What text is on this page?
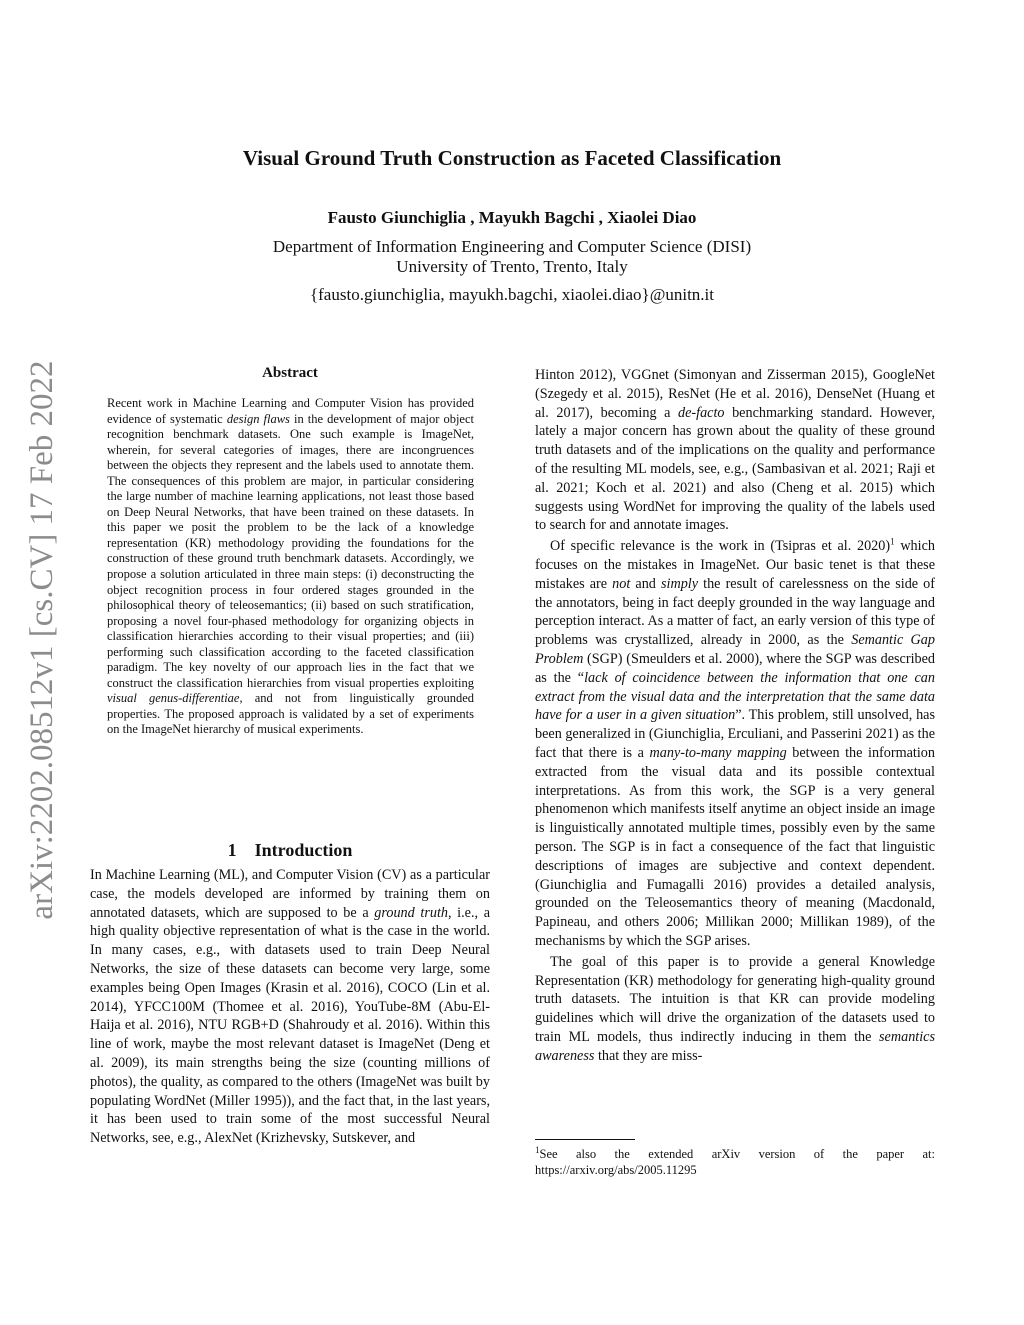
Visual Ground Truth Construction as Faceted Classification
Fausto Giunchiglia , Mayukh Bagchi , Xiaolei Diao
Department of Information Engineering and Computer Science (DISI)
University of Trento, Trento, Italy
{fausto.giunchiglia, mayukh.bagchi, xiaolei.diao}@unitn.it
arXiv:2202.08512v1 [cs.CV] 17 Feb 2022	Abstract
Recent work in Machine Learning and Computer Vision has provided evidence of systematic design flaws in the development of major object recognition benchmark datasets. One such example is ImageNet, wherein, for several categories of images, there are incongruences between the objects they represent and the labels used to annotate them. The consequences of this problem are major, in particular considering the large number of machine learning applications, not least those based on Deep Neural Networks, that have been trained on these datasets. In this paper we posit the problem to be the lack of a knowledge representation (KR) methodology providing the foundations for the construction of these ground truth benchmark datasets. Accordingly, we propose a solution articulated in three main steps: (i) deconstructing the object recognition process in four ordered stages grounded in the philosophical theory of teleosemantics; (ii) based on such stratification, proposing a novel four-phased methodology for organizing objects in classification hierarchies according to their visual properties; and (iii) performing such classification according to the faceted classification paradigm. The key novelty of our approach lies in the fact that we construct the classification hierarchies from visual properties exploiting visual genus-differentiae, and not from linguistically grounded properties. The proposed approach is validated by a set of experiments on the ImageNet hierarchy of musical experiments.
1 Introduction
In Machine Learning (ML), and Computer Vision (CV) as a particular case, the models developed are informed by training them on annotated datasets, which are supposed to be a ground truth, i.e., a high quality objective representation of what is the case in the world. In many cases, e.g., with datasets used to train Deep Neural Networks, the size of these datasets can become very large, some examples being Open Images (Krasin et al. 2016), COCO (Lin et al. 2014), YFCC100M (Thomee et al. 2016), YouTube-8M (Abu-El-Haija et al. 2016), NTU RGB+D (Shahroudy et al. 2016). Within this line of work, maybe the most relevant dataset is ImageNet (Deng et al. 2009), its main strengths being the size (counting millions of photos), the quality, as compared to the others (ImageNet was built by populating WordNet (Miller 1995)), and the fact that, in the last years, it has been used to train some of the most successful Neural Networks, see, e.g., AlexNet (Krizhevsky, Sutskever, and

Hinton 2012), VGGnet (Simonyan and Zisserman 2015), GoogleNet (Szegedy et al. 2015), ResNet (He et al. 2016), DenseNet (Huang et al. 2017), becoming a de-facto benchmarking standard. However, lately a major concern has grown about the quality of these ground truth datasets and of the implications on the quality and performance of the resulting ML models, see, e.g., (Sambasivan et al. 2021; Raji et al. 2021; Koch et al. 2021) and also (Cheng et al. 2015) which suggests using WordNet for improving the quality of the labels used to search for and annotate images.

Of specific relevance is the work in (Tsipras et al. 2020)$^1$ which focuses on the mistakes in ImageNet. Our basic tenet is that these mistakes are not and simply the result of carelessness on the side of the annotators, being in fact deeply grounded in the way language and perception interact. As a matter of fact, an early version of this type of problems was crystallized, already in 2000, as the Semantic Gap Problem (SGP) (Smeulders et al. 2000), where the SGP was described as the “lack of coincidence between the information that one can extract from the visual data and the interpretation that the same data have for a user in a given situation”. This problem, still unsolved, has been generalized in (Giunchiglia, Erculiani, and Passerini 2021) as the fact that there is a many-to-many mapping between the information extracted from the visual data and its possible contextual interpretations. As from this work, the SGP is a very general phenomenon which manifests itself anytime an object inside an image is linguistically annotated multiple times, possibly even by the same person. The SGP is in fact a consequence of the fact that linguistic descriptions of images are subjective and context dependent. (Giunchiglia and Fumagalli 2016) provides a detailed analysis, grounded on the Teleosemantics theory of meaning (Macdonald, Papineau, and others 2006; Millikan 2000; Millikan 1989), of the mechanisms by which the SGP arises.

The goal of this paper is to provide a general Knowledge Representation (KR) methodology for generating high-quality ground truth datasets. The intuition is that KR can provide modeling guidelines which will drive the organization of the datasets used to train ML models, thus indirectly inducing in them the semantics awareness that they are miss-

$^1$See also the extended arXiv version of the paper at: https://arxiv.org/abs/2005.11295
